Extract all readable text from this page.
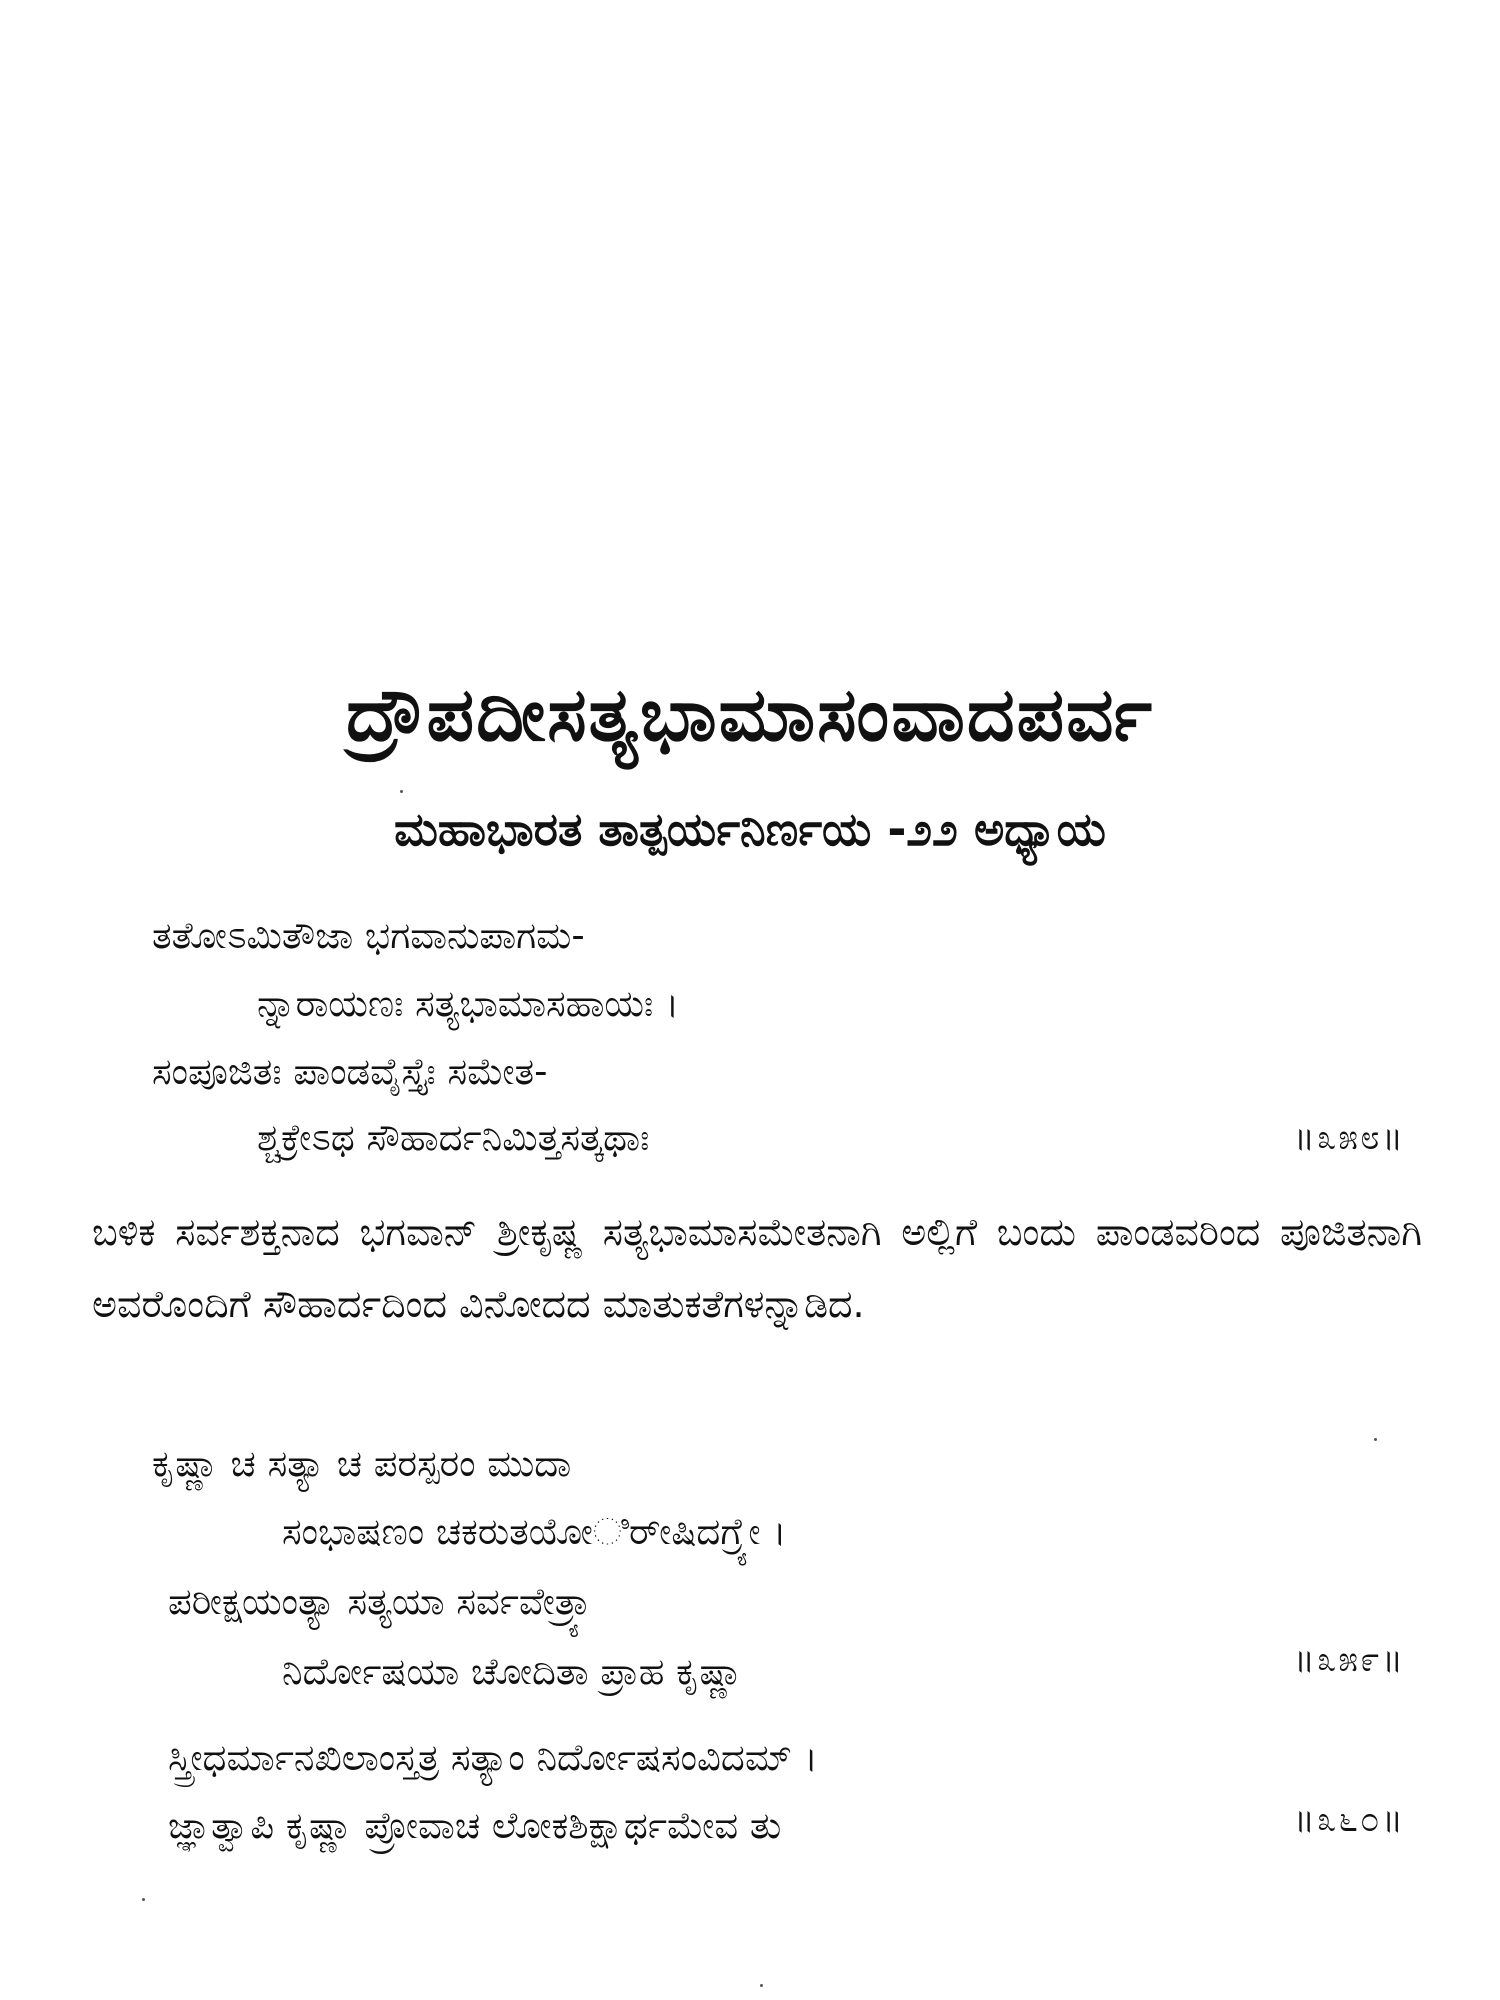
ದ್ರೌಪದೀಸತ್ಯಭಾಮಾಸಂವಾದಪರ್ವ
ಮಹಾಭಾರತ ತಾತ್ಪರ್ಯನಿರ್ಣಯ -೨೨ ಅಧ್ಯಾಯ
ತತೋಽಮಿತೌಜಾ ಭಗವಾನುಪಾಗಮ-
ನ್ನಾರಾಯಣಃ ಸತ್ಯಭಾಮಾಸಹಾಯಃ ।
ಸಂಪೂಜಿತಃ ಪಾಂಡವೈಸ್ತೈಃ ಸಮೇತ-
ಶ್ಚಕ್ರೇಽಥ ಸೌಹಾರ್ದನಿಮಿತ್ತಸತ್ಕಥಾಃ	॥೩೫೮॥
ಬಳಿಕ ಸರ್ವಶಕ್ತನಾದ ಭಗವಾನ್ ಶ್ರೀಕೃಷ್ಣ ಸತ್ಯಭಾಮಾಸಮೇತನಾಗಿ ಅಲ್ಲಿಗೆ ಬಂದು ಪಾಂಡವರಿಂದ ಪೂಜಿತನಾಗಿ ಅವರೊಂದಿಗೆ ಸೌಹಾರ್ದದಿಂದ ವಿನೋದದ ಮಾತುಕತೆಗಳನ್ನಾಡಿದ.
ಕೃಷ್ಣಾ ಚ ಸತ್ಯಾ ಚ ಪರಸ್ಪರಂ ಮುದಾ
ಸಂಭಾಷಣಂ ಚಕರುತಯೋರ್ೀಷಿದಗ್ರ್ಯೇ ।
ಪರೀಕ್ಷಯಂತ್ಯಾ ಸತ್ಯಯಾ ಸರ್ವವೇತ್ರ್ಯಾ
ನಿರ್ದೋಷಯಾ ಚೋದಿತಾ ಪ್ರಾಹ ಕೃಷ್ಣಾ	॥೩೫೯॥
ಸ್ತ್ರೀಧರ್ಮಾನಖಿಲಾಂಸ್ತತ್ರ ಸತ್ಯಾಂ ನಿರ್ದೋಷಸಂವಿದಮ್ ।
ಜ್ಞಾತ್ವಾಪಿ ಕೃಷ್ಣಾ ಪ್ರೋವಾಚ ಲೋಕಶಿಕ್ಷಾರ್ಥಮೇವ ತು	॥೩೬೦॥
